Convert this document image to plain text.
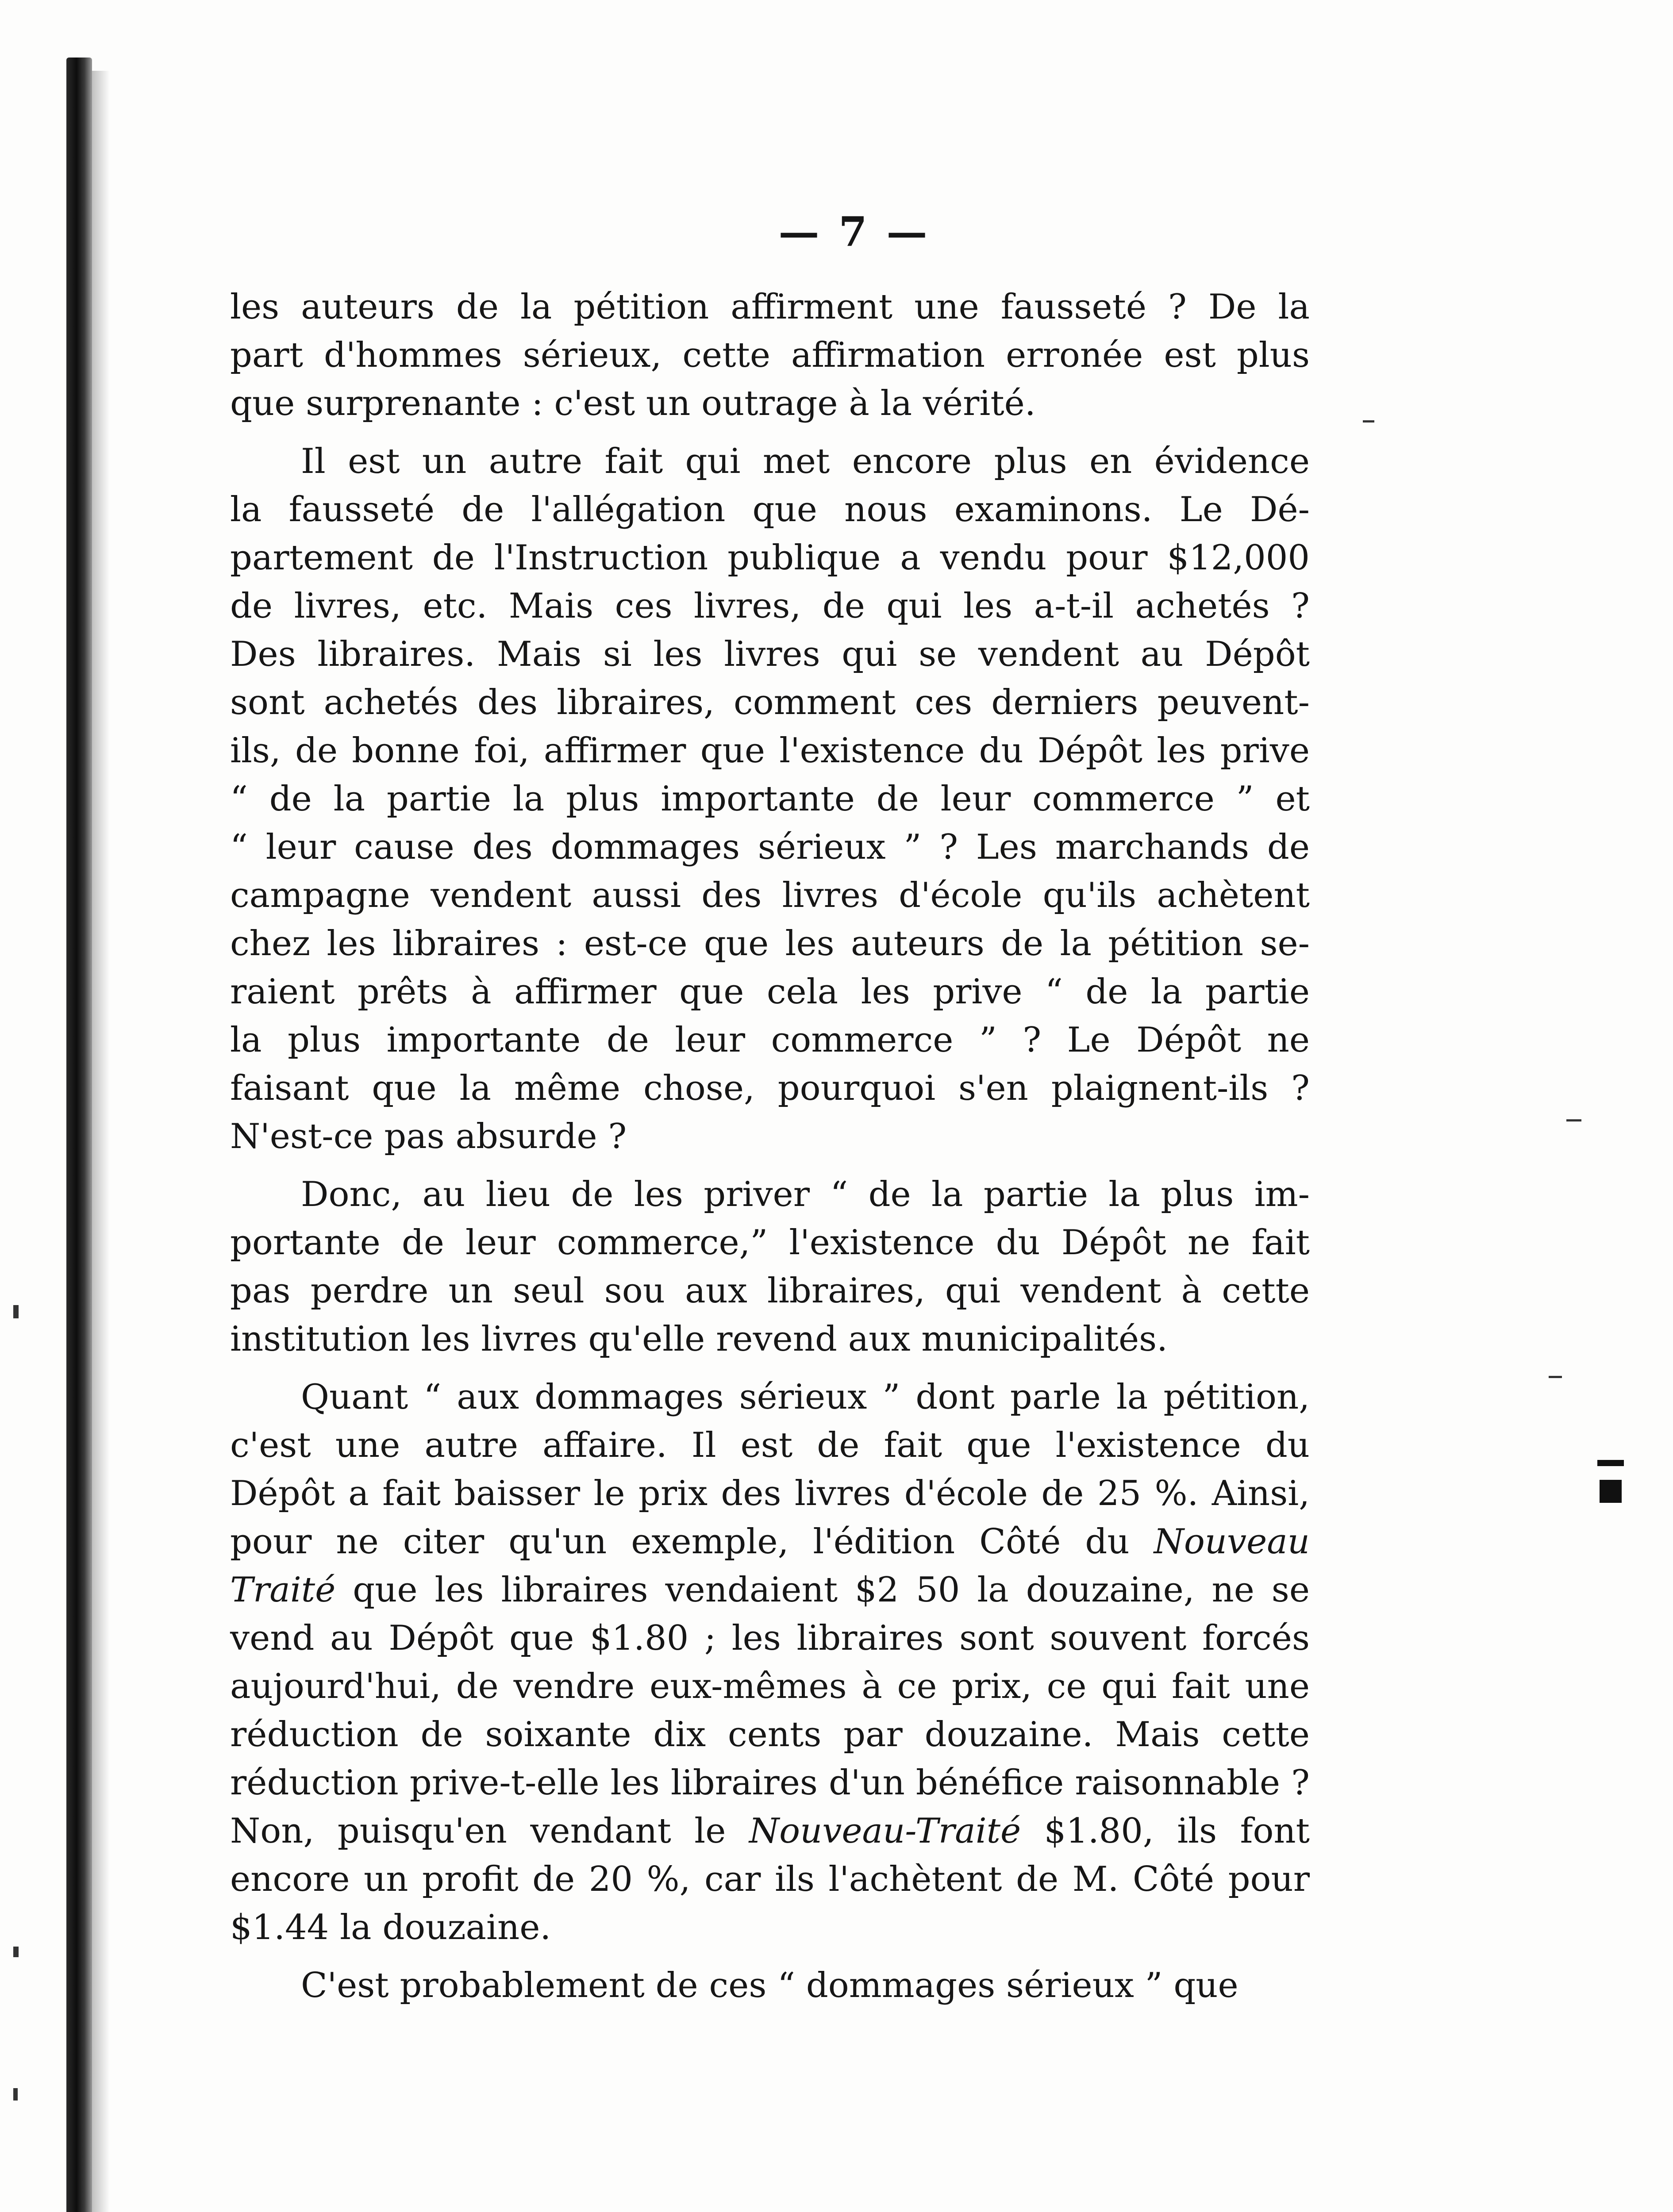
— 7 —
les auteurs de la pétition affirment une fausseté ? De la
part d'hommes sérieux, cette affirmation erronée est plus
que surprenante : c'est un outrage à la vérité.
Il est un autre fait qui met encore plus en évidence
la fausseté de l'allégation que nous examinons. Le Dé-
partement de l'Instruction publique a vendu pour $12,000
de livres, etc. Mais ces livres, de qui les a-t-il achetés ?
Des libraires. Mais si les livres qui se vendent au Dépôt
sont achetés des libraires, comment ces derniers peuvent-
ils, de bonne foi, affirmer que l'existence du Dépôt les prive
“ de la partie la plus importante de leur commerce ” et
“ leur cause des dommages sérieux ” ? Les marchands de
campagne vendent aussi des livres d'école qu'ils achètent
chez les libraires : est-ce que les auteurs de la pétition se-
raient prêts à affirmer que cela les prive “ de la partie
la plus importante de leur commerce ” ? Le Dépôt ne
faisant que la même chose, pourquoi s'en plaignent-ils ?
N'est-ce pas absurde ?
Donc, au lieu de les priver “ de la partie la plus im-
portante de leur commerce,” l'existence du Dépôt ne fait
pas perdre un seul sou aux libraires, qui vendent à cette
institution les livres qu'elle revend aux municipalités.
Quant “ aux dommages sérieux ” dont parle la pétition,
c'est une autre affaire. Il est de fait que l'existence du
Dépôt a fait baisser le prix des livres d'école de 25 %. Ainsi,
pour ne citer qu'un exemple, l'édition Côté du Nouveau
Traité que les libraires vendaient $2 50 la douzaine, ne se
vend au Dépôt que $1.80 ; les libraires sont souvent forcés
aujourd'hui, de vendre eux-mêmes à ce prix, ce qui fait une
réduction de soixante dix cents par douzaine. Mais cette
réduction prive-t-elle les libraires d'un bénéfice raisonnable ?
Non, puisqu'en vendant le Nouveau-Traité $1.80, ils font
encore un profit de 20 %, car ils l'achètent de M. Côté pour
$1.44 la douzaine.
C'est probablement de ces “ dommages sérieux ” que
